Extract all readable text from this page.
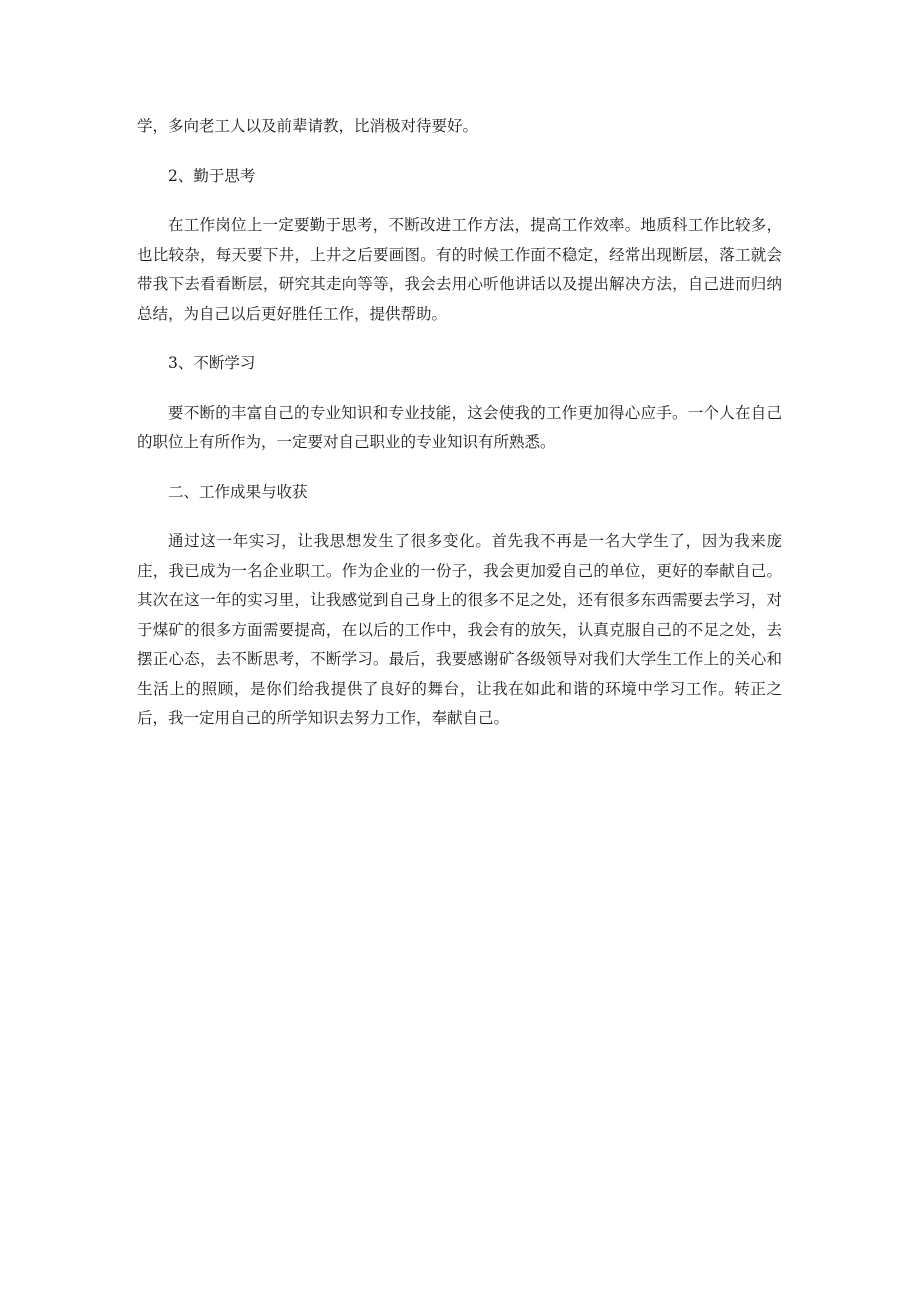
学，多向老工人以及前辈请教，比消极对待要好。

2、勤于思考

在工作岗位上一定要勤于思考，不断改进工作方法，提高工作效率。地质科工作比较多，也比较杂，每天要下井，上井之后要画图。有的时候工作面不稳定，经常出现断层，落工就会带我下去看看断层，研究其走向等等，我会去用心听他讲话以及提出解决方法，自己进而归纳总结，为自己以后更好胜任工作，提供帮助。

3、不断学习

要不断的丰富自己的专业知识和专业技能，这会使我的工作更加得心应手。一个人在自己的职位上有所作为，一定要对自己职业的专业知识有所熟悉。

二、工作成果与收获

通过这一年实习，让我思想发生了很多变化。首先我不再是一名大学生了，因为我来庞庄，我已成为一名企业职工。作为企业的一份子，我会更加爱自己的单位，更好的奉献自己。其次在这一年的实习里，让我感觉到自己身上的很多不足之处，还有很多东西需要去学习，对于煤矿的很多方面需要提高，在以后的工作中，我会有的放矢，认真克服自己的不足之处，去摆正心态，去不断思考，不断学习。最后，我要感谢矿各级领导对我们大学生工作上的关心和生活上的照顾，是你们给我提供了良好的舞台，让我在如此和谐的环境中学习工作。转正之后，我一定用自己的所学知识去努力工作，奉献自己。
